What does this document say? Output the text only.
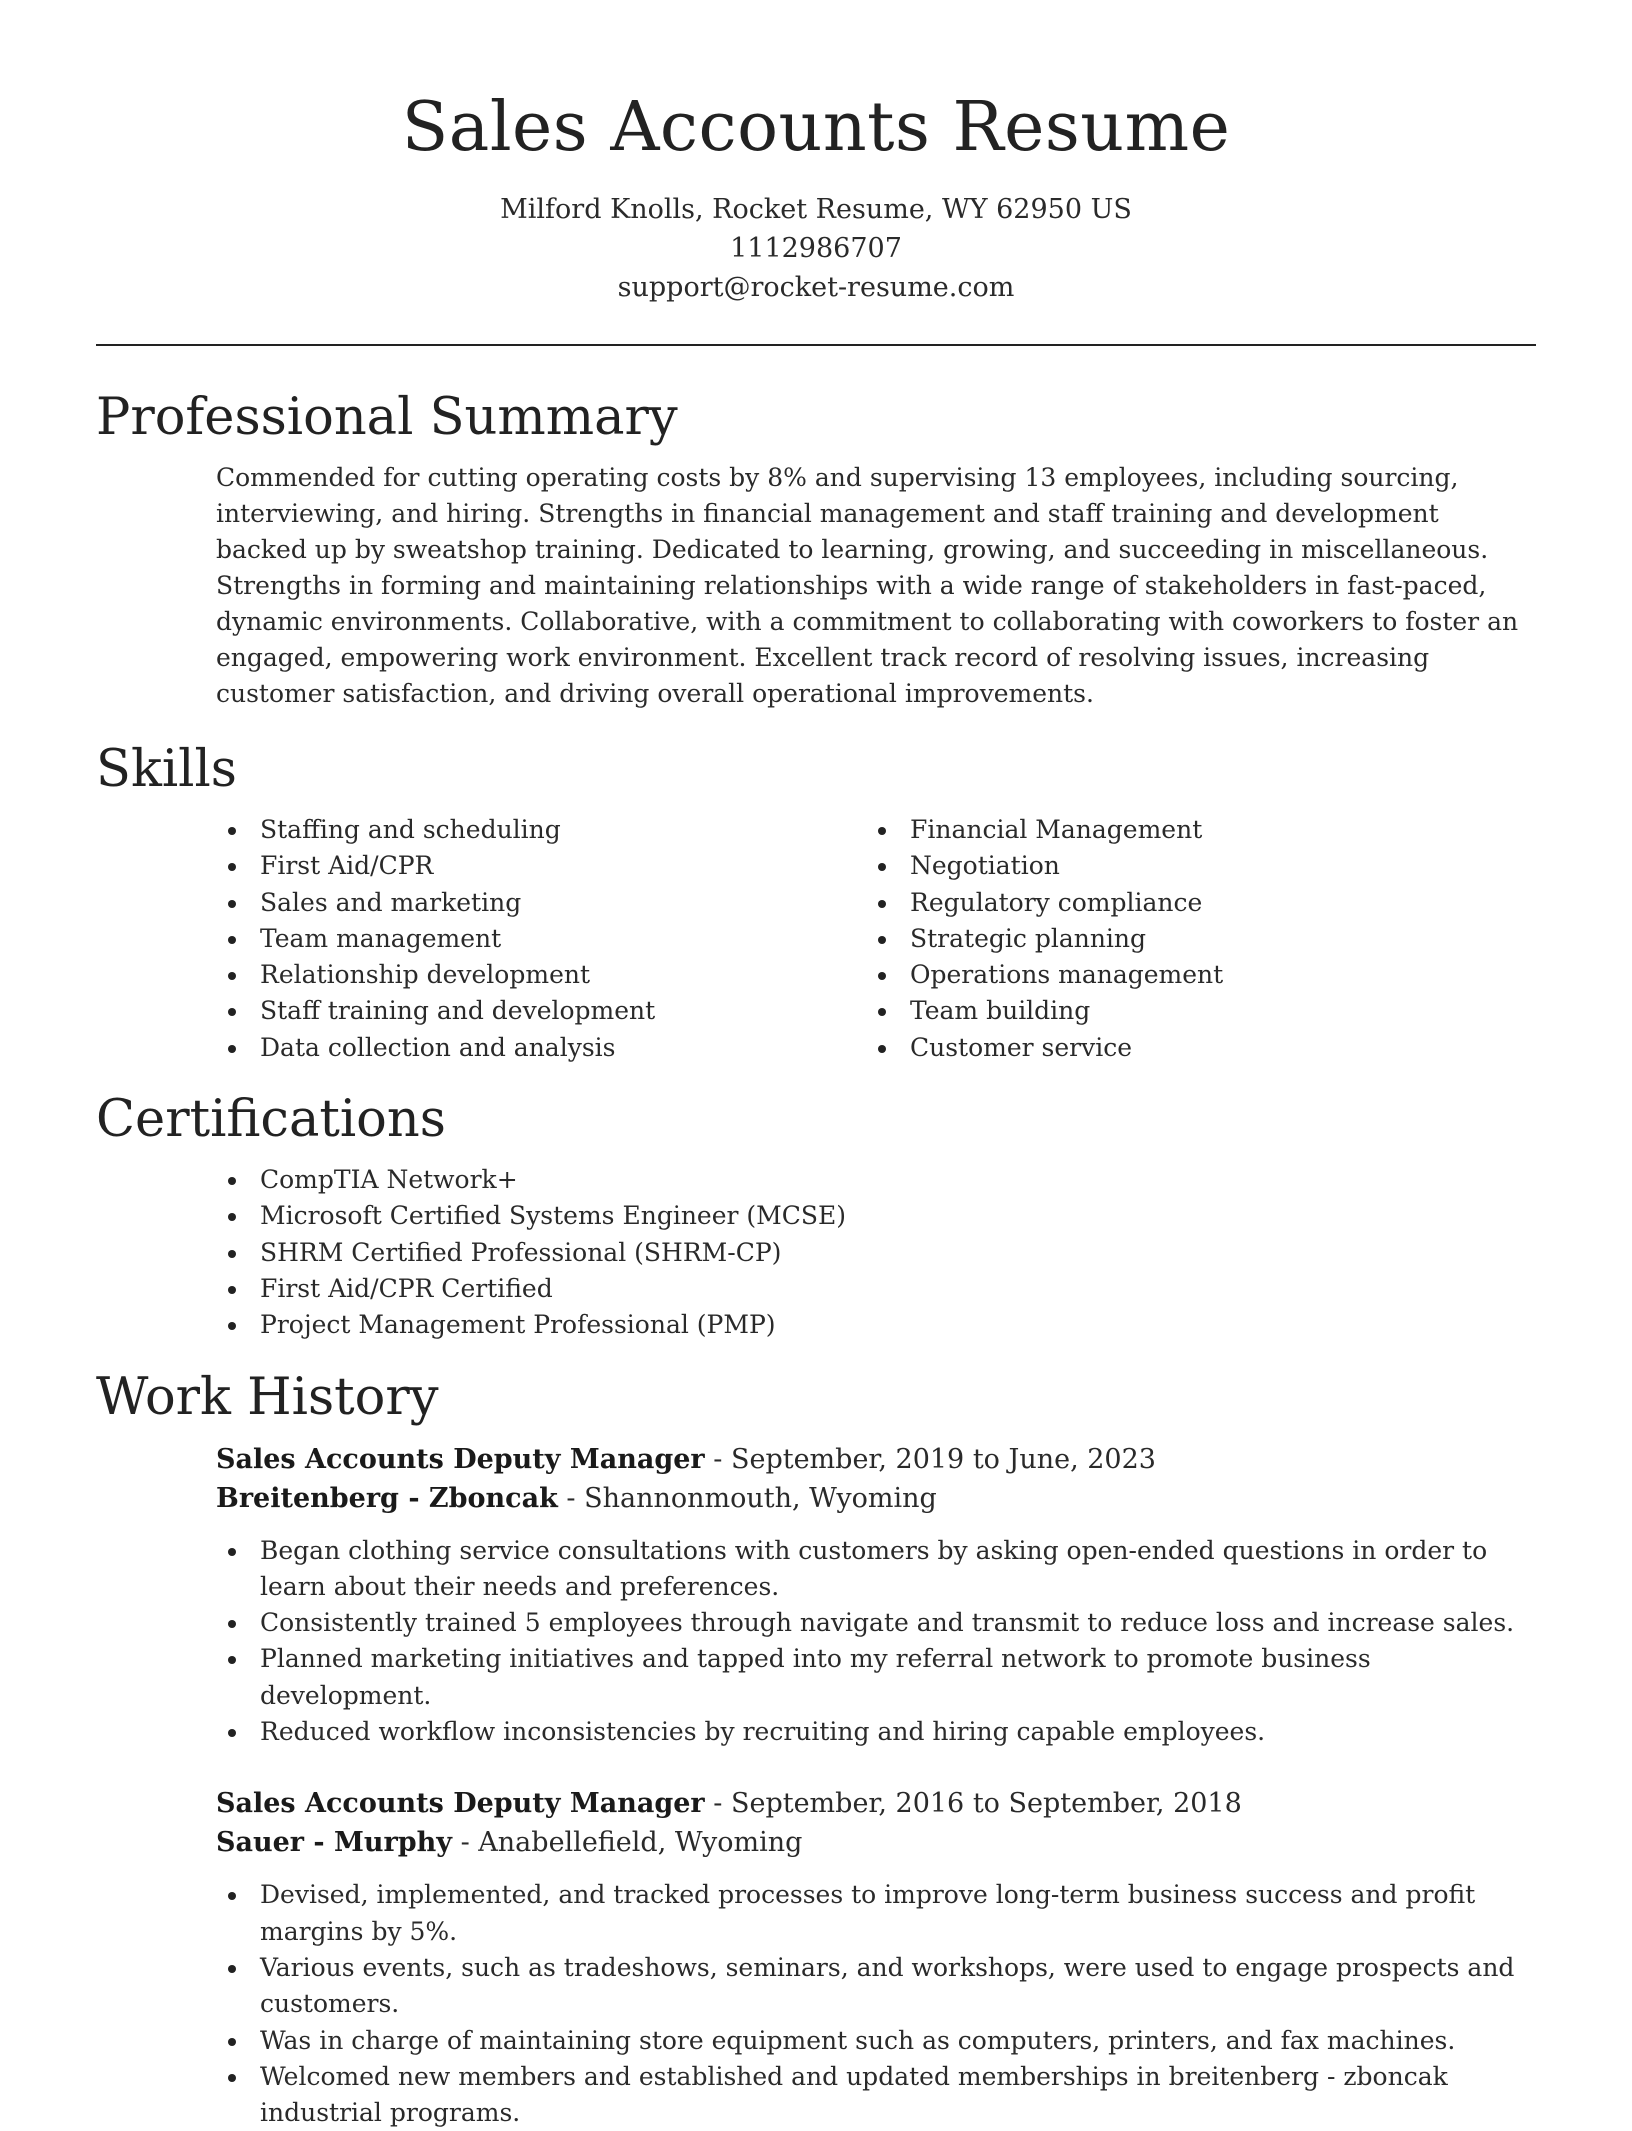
Sales Accounts Resume
Milford Knolls, Rocket Resume, WY 62950 US
1112986707
support@rocket-resume.com
Professional Summary

Commended for cutting operating costs by 8% and supervising 13 employees, including sourcing, interviewing, and hiring. Strengths in financial management and staff training and development backed up by sweatshop training. Dedicated to learning, growing, and succeeding in miscellaneous. Strengths in forming and maintaining relationships with a wide range of stakeholders in fast-paced, dynamic environments. Collaborative, with a commitment to collaborating with coworkers to foster an engaged, empowering work environment. Excellent track record of resolving issues, increasing customer satisfaction, and driving overall operational improvements.

Skills
Staffing and scheduling
First Aid/CPR
Sales and marketing
Team management
Relationship development
Staff training and development
Data collection and analysis
Financial Management
Negotiation
Regulatory compliance
Strategic planning
Operations management
Team building
Customer service
Certifications
CompTIA Network+
Microsoft Certified Systems Engineer (MCSE)
SHRM Certified Professional (SHRM-CP)
First Aid/CPR Certified
Project Management Professional (PMP)
Work History
Sales Accounts Deputy Manager - September, 2019 to June, 2023
Breitenberg - Zboncak - Shannonmouth, Wyoming
Began clothing service consultations with customers by asking open-ended questions in order to learn about their needs and preferences.
Consistently trained 5 employees through navigate and transmit to reduce loss and increase sales.
Planned marketing initiatives and tapped into my referral network to promote business development.
Reduced workflow inconsistencies by recruiting and hiring capable employees.
Sales Accounts Deputy Manager - September, 2016 to September, 2018
Sauer - Murphy - Anabellefield, Wyoming
Devised, implemented, and tracked processes to improve long-term business success and profit margins by 5%.
Various events, such as tradeshows, seminars, and workshops, were used to engage prospects and customers.
Was in charge of maintaining store equipment such as computers, printers, and fax machines.
Welcomed new members and established and updated memberships in breitenberg - zboncak industrial programs.
